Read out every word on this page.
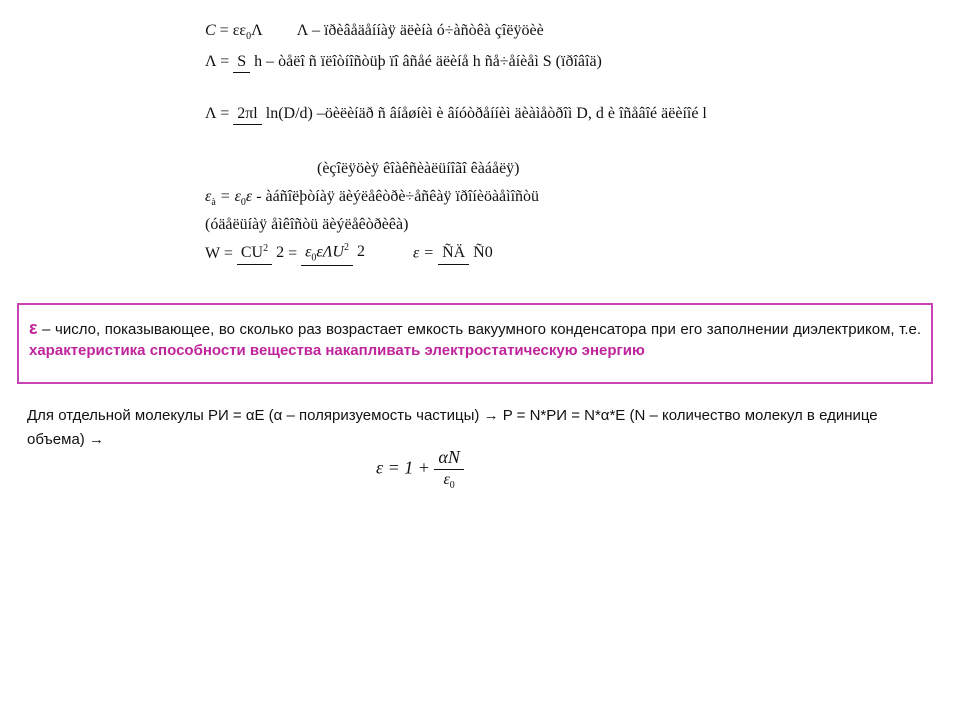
$C = \varepsilon\varepsilon_0\Lambda$ Λ – ïðèâåäåííàÿ äëèíà ó÷àñòêà çîëÿöèè
Λ = S h – òåëî ñ ïëîòíîñòüþ ïî âñåé äëèíå h ñå÷åíèåì S (ïðîâîä)
Λ = 2πl ln(D/d) –öèëèíäð ñ âíåøíèì è âíóòðåííèì äèàìåòðîì D, d è îñåâîé äëèíîé l
(èçîëÿöèÿ êîàêñèàëüíîãî êàáåëÿ)
$\varepsilon_à = \varepsilon_0\varepsilon$ - àáñîëþòíàÿ äèýëåêòðè÷åñêàÿ ïðîíèöàåìîñòü
(óäåëüíàÿ åìêîñòü äèýëåêòðèêà)
$W = CU^2$ $2 = \varepsilon_0\varepsilon\Lambda U^2$ 2	ε = ÑÄ Ñ0
ε – число, показывающее, во сколько раз возрастает емкость вакуумного конденсатора при его заполнении диэлектриком, т.е. характеристика способности вещества накапливать электростатическую энергию
Для отдельной молекулы PИ = αE (α – поляризуемость частицы) → P = N*PИ = N*α*E (N – количество молекул в единице объема) →
$\varepsilon = 1 + \frac{\alpha N}{\varepsilon_0}$
